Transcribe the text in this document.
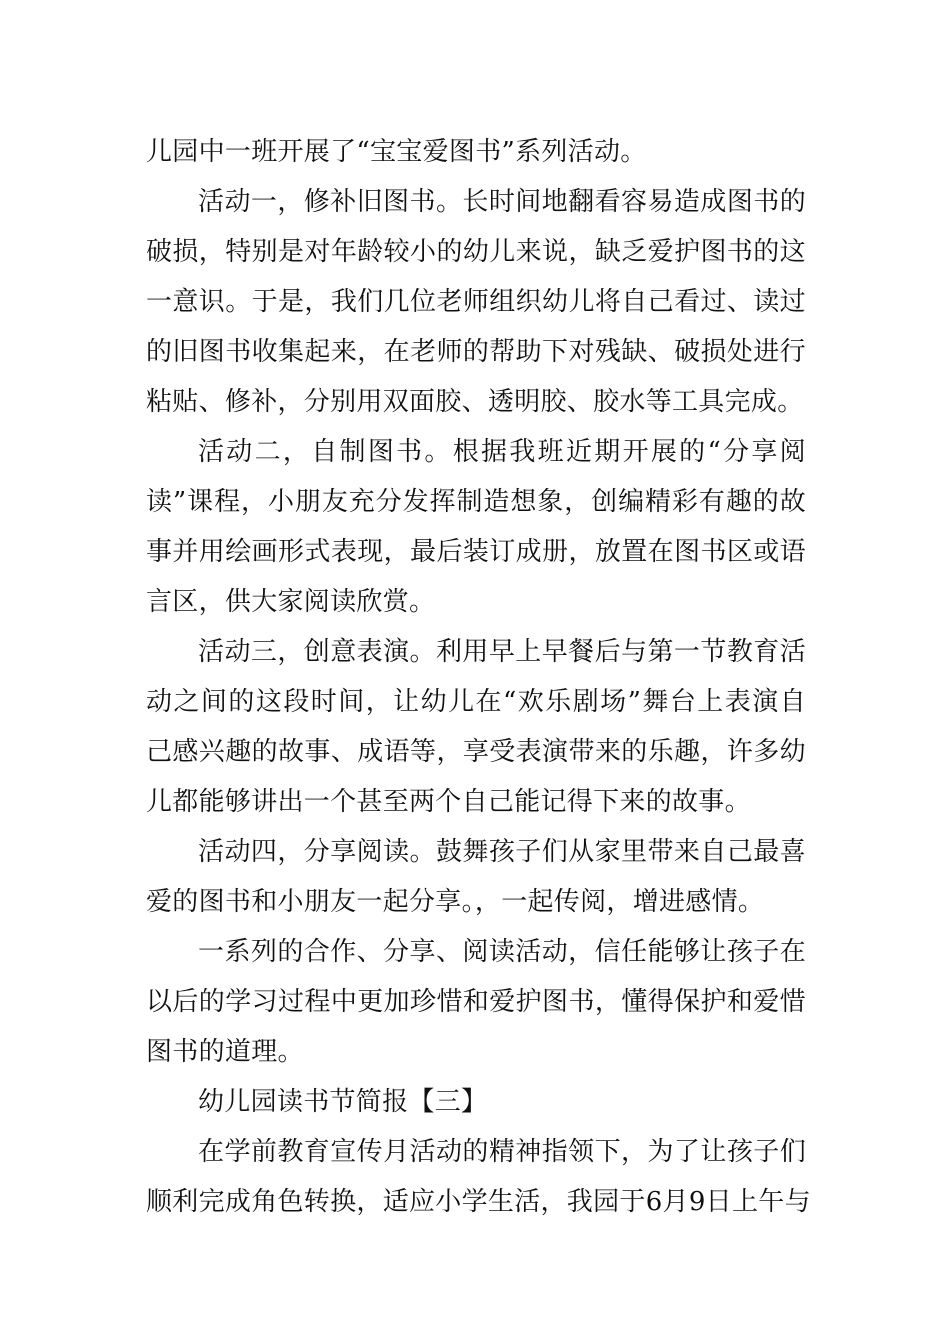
儿园中一班开展了“宝宝爱图书”系列活动。
活动一，修补旧图书。长时间地翻看容易造成图书的
破损，特别是对年龄较小的幼儿来说，缺乏爱护图书的这
一意识。于是，我们几位老师组织幼儿将自己看过、读过
的旧图书收集起来，在老师的帮助下对残缺、破损处进行
粘贴、修补，分别用双面胶、透明胶、胶水等工具完成。
活动二，自制图书。根据我班近期开展的“分享阅
读”课程，小朋友充分发挥制造想象，创编精彩有趣的故
事并用绘画形式表现，最后装订成册，放置在图书区或语
言区，供大家阅读欣赏。
活动三，创意表演。利用早上早餐后与第一节教育活
动之间的这段时间，让幼儿在“欢乐剧场”舞台上表演自
己感兴趣的故事、成语等，享受表演带来的乐趣，许多幼
儿都能够讲出一个甚至两个自己能记得下来的故事。
活动四，分享阅读。鼓舞孩子们从家里带来自己最喜
爱的图书和小朋友一起分享。，一起传阅，增进感情。
一系列的合作、分享、阅读活动，信任能够让孩子在
以后的学习过程中更加珍惜和爱护图书，懂得保护和爱惜
图书的道理。
幼儿园读书节简报【三】
在学前教育宣传月活动的精神指领下，为了让孩子们
顺利完成角色转换，适应小学生活，我园于6月9日上午与
